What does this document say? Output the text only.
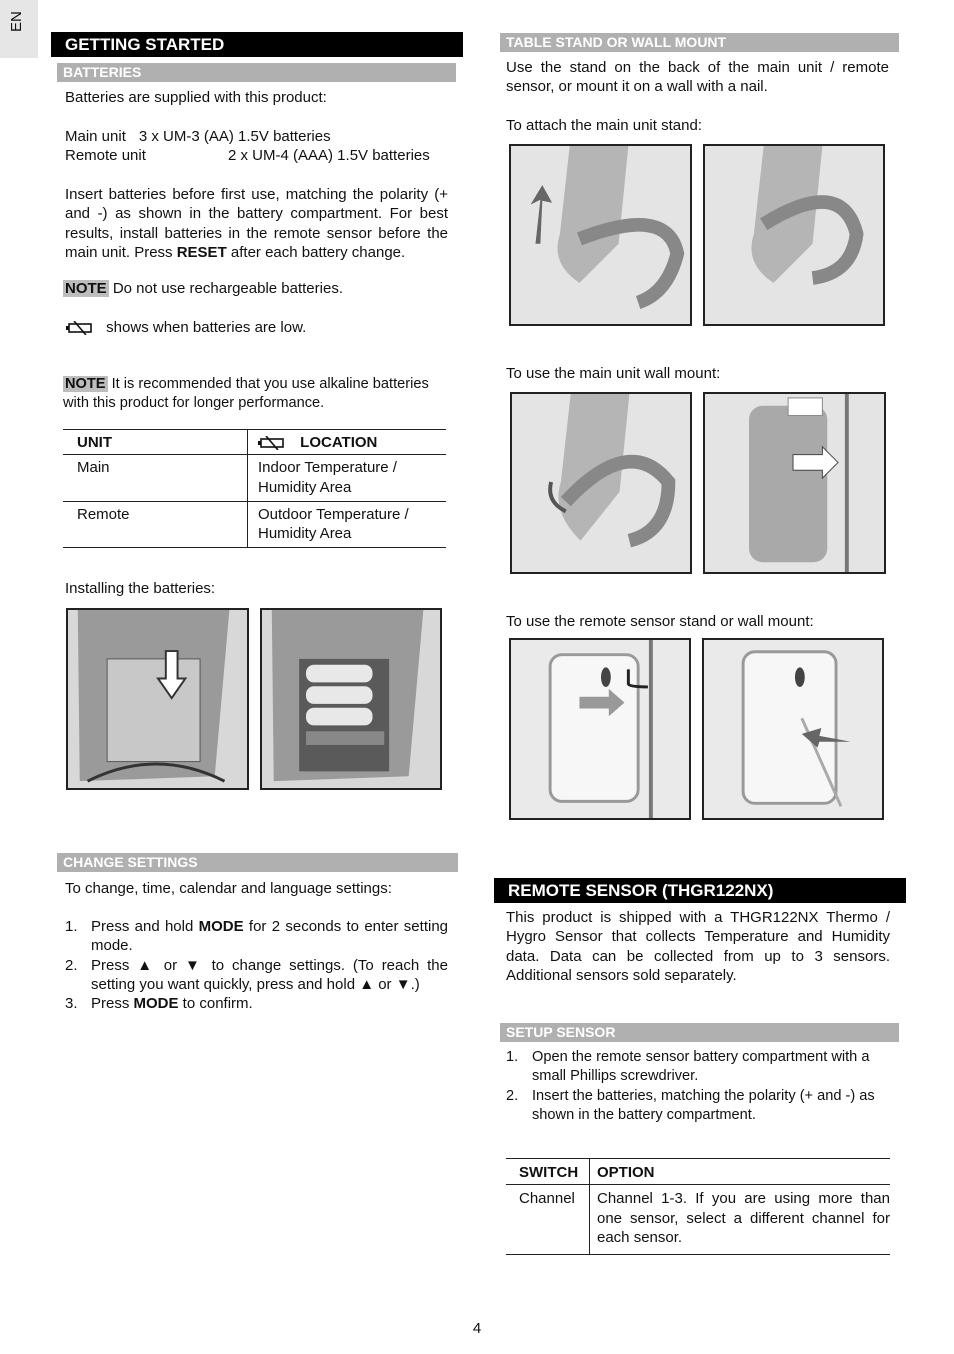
EN
GETTING STARTED
BATTERIES

Batteries are supplied with this product:

Main unit 3 x UM-3 (AA) 1.5V batteries
Remote unit	2 x UM-4 (AAA) 1.5V batteries

Insert batteries before first use, matching the polarity (+ and -) as shown in the battery compartment. For best results, install batteries in the remote sensor before the main unit. Press RESET after each battery change.

NOTE Do not use rechargeable batteries.

shows when batteries are low.

NOTE It is recommended that you use alkaline batteries with this product for longer performance.

UNIT	LOCATION
Main	Indoor Temperature / Humidity Area
Remote	Outdoor Temperature / Humidity Area

Installing the batteries:

CHANGE SETTINGS

To change, time, calendar and language settings:

1. Press and hold MODE for 2 seconds to enter setting mode.
2. Press ▲ or ▼ to change settings. (To reach the setting you want quickly, press and hold ▲ or ▼.)
3. Press MODE to confirm.
TABLE STAND OR WALL MOUNT

Use the stand on the back of the main unit / remote sensor, or mount it on a wall with a nail.

To attach the main unit stand:

To use the main unit wall mount:

To use the remote sensor stand or wall mount:

REMOTE SENSOR (THGR122NX)

This product is shipped with a THGR122NX Thermo / Hygro Sensor that collects Temperature and Humidity data. Data can be collected from up to 3 sensors. Additional sensors sold separately.

SETUP SENSOR
1. Open the remote sensor battery compartment with a small Phillips screwdriver.
2. Insert the batteries, matching the polarity (+ and -) as shown in the battery compartment.
SWITCH	OPTION
Channel	Channel 1-3. If you are using more than one sensor, select a different channel for each sensor.
4
